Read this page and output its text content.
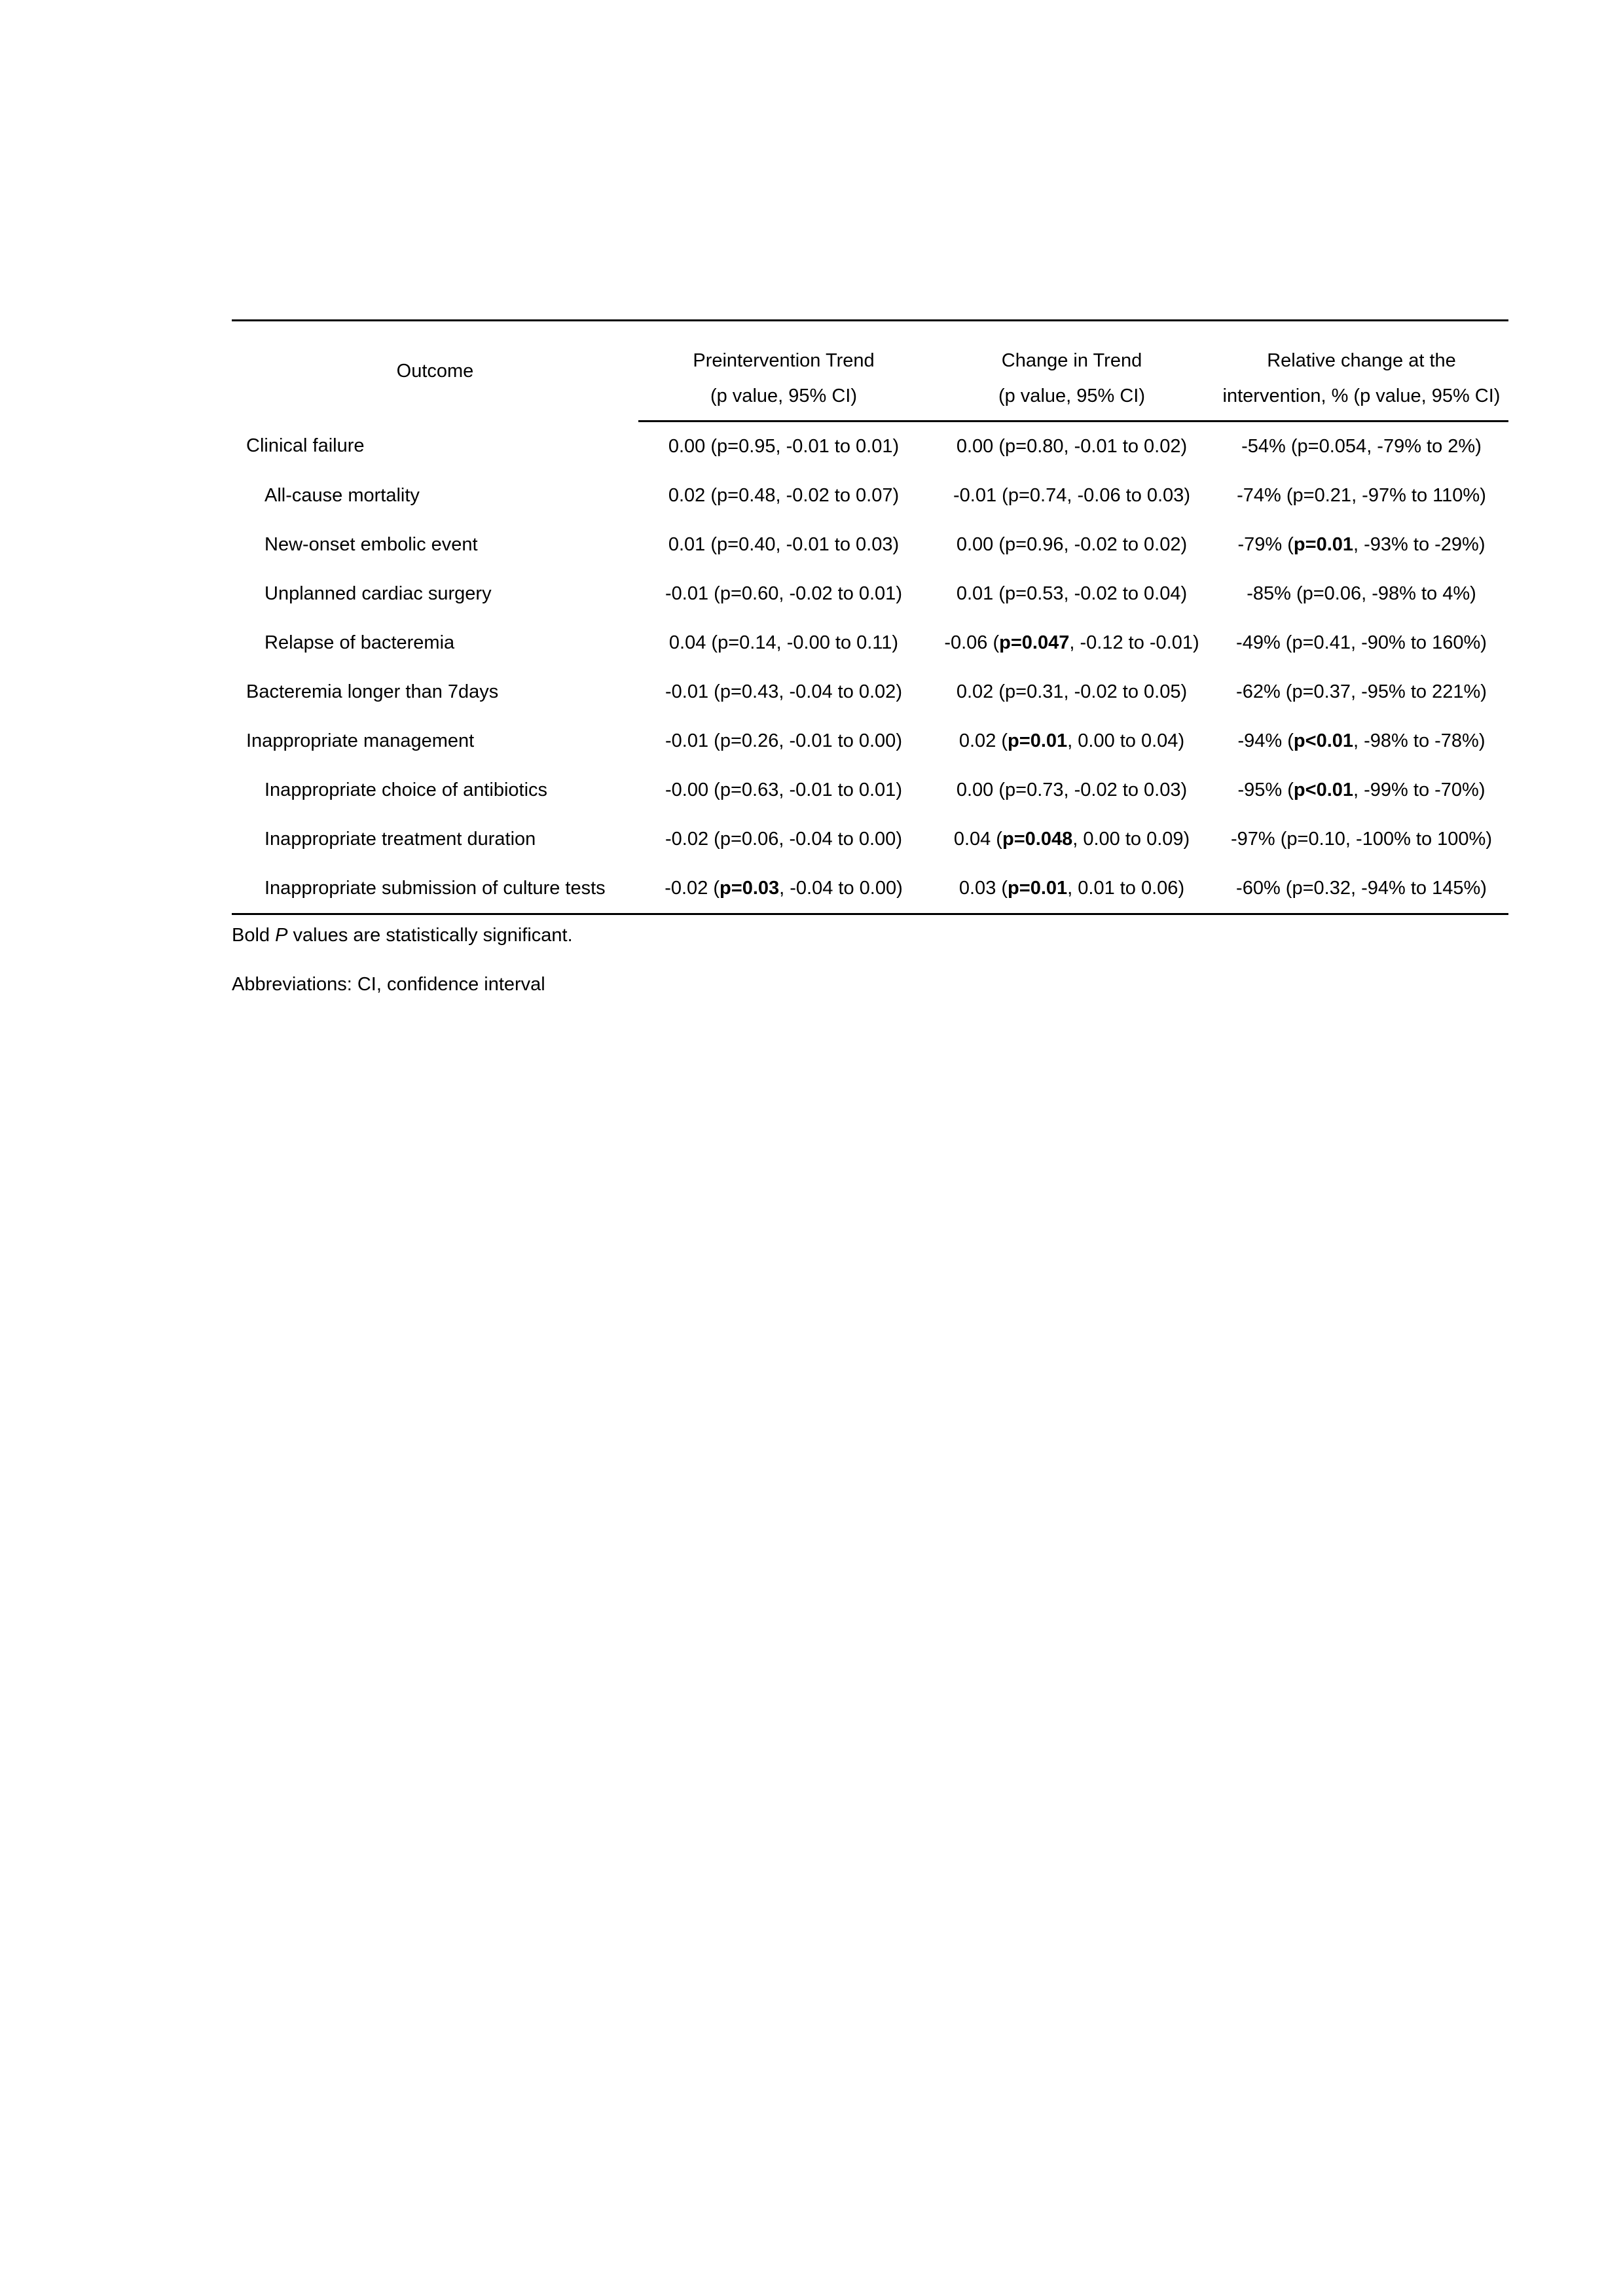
Outcome	Preintervention Trend	Change in Trend	Relative change at the
	(p value, 95% CI)	(p value, 95% CI)	intervention, % (p value, 95% CI)
Clinical failure	0.00 (p=0.95, -0.01 to 0.01)	0.00 (p=0.80, -0.01 to 0.02)	-54% (p=0.054, -79% to 2%)
All-cause mortality	0.02 (p=0.48, -0.02 to 0.07)	-0.01 (p=0.74, -0.06 to 0.03)	-74% (p=0.21, -97% to 110%)
New-onset embolic event	0.01 (p=0.40, -0.01 to 0.03)	0.00 (p=0.96, -0.02 to 0.02)	-79% (p=0.01, -93% to -29%)
Unplanned cardiac surgery	-0.01 (p=0.60, -0.02 to 0.01)	0.01 (p=0.53, -0.02 to 0.04)	-85% (p=0.06, -98% to 4%)
Relapse of bacteremia	0.04 (p=0.14, -0.00 to 0.11)	-0.06 (p=0.047, -0.12 to -0.01)	-49% (p=0.41, -90% to 160%)
Bacteremia longer than 7days	-0.01 (p=0.43, -0.04 to 0.02)	0.02 (p=0.31, -0.02 to 0.05)	-62% (p=0.37, -95% to 221%)
Inappropriate management	-0.01 (p=0.26, -0.01 to 0.00)	0.02 (p=0.01, 0.00 to 0.04)	-94% (p<0.01, -98% to -78%)
Inappropriate choice of antibiotics	-0.00 (p=0.63, -0.01 to 0.01)	0.00 (p=0.73, -0.02 to 0.03)	-95% (p<0.01, -99% to -70%)
Inappropriate treatment duration	-0.02 (p=0.06, -0.04 to 0.00)	0.04 (p=0.048, 0.00 to 0.09)	-97% (p=0.10, -100% to 100%)
Inappropriate submission of culture tests	-0.02 (p=0.03, -0.04 to 0.00)	0.03 (p=0.01, 0.01 to 0.06)	-60% (p=0.32, -94% to 145%)
Bold P values are statistically significant.
Abbreviations: CI, confidence interval
